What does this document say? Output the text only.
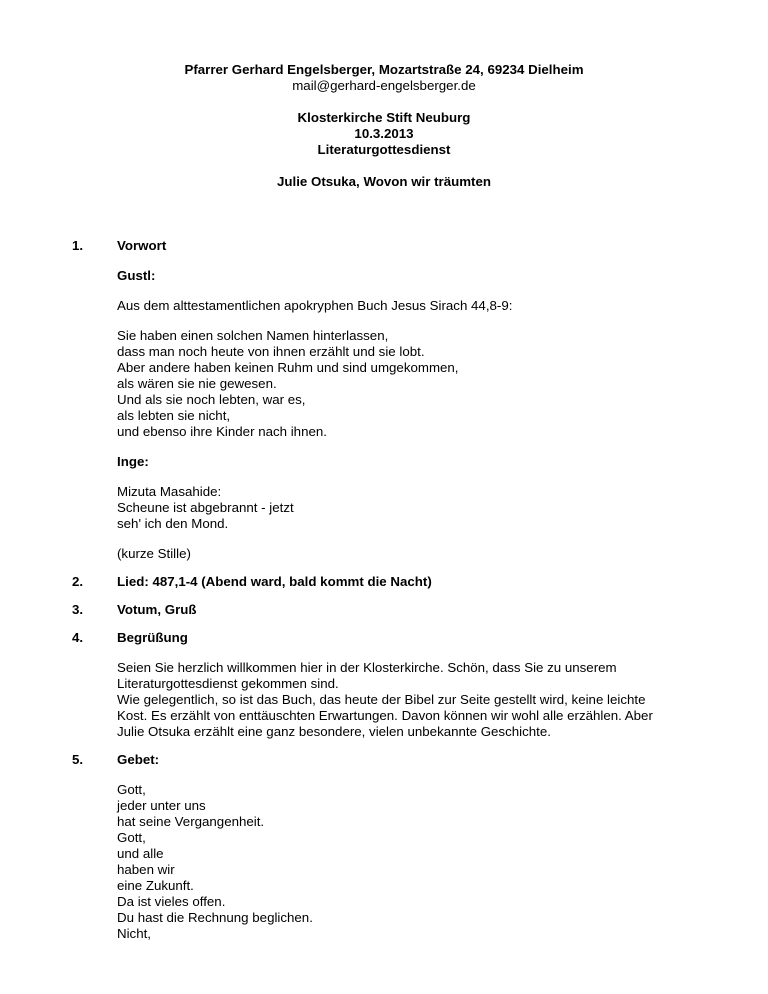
Pfarrer Gerhard Engelsberger, Mozartstraße 24, 69234 Dielheim
mail@gerhard-engelsberger.de
Klosterkirche Stift Neuburg
10.3.2013
Literaturgottesdienst
Julie Otsuka, Wovon wir träumten
1.	Vorwort
Gustl:
Aus dem alttestamentlichen apokryphen Buch Jesus Sirach 44,8-9:
Sie haben einen solchen Namen hinterlassen,
dass man noch heute von ihnen erzählt und sie lobt.
Aber andere haben keinen Ruhm und sind umgekommen,
als wären sie nie gewesen.
Und als sie noch lebten, war es,
als lebten sie nicht,
und ebenso ihre Kinder nach ihnen.
Inge:
Mizuta Masahide:
Scheune ist abgebrannt - jetzt
seh' ich den Mond.
(kurze Stille)
2.	Lied: 487,1-4 (Abend ward, bald kommt die Nacht)
3.	Votum, Gruß
4.	Begrüßung
Seien Sie herzlich willkommen hier in der Klosterkirche. Schön, dass Sie zu unserem
Literaturgottesdienst gekommen sind.
Wie gelegentlich, so ist das Buch, das heute der Bibel zur Seite gestellt wird, keine leichte
Kost. Es erzählt von enttäuschten Erwartungen. Davon können wir wohl alle erzählen. Aber
Julie Otsuka erzählt eine ganz besondere, vielen unbekannte Geschichte.
5.	Gebet:
Gott,
jeder unter uns
hat seine Vergangenheit.
Gott,
und alle
haben wir
eine Zukunft.
Da ist vieles offen.
Du hast die Rechnung beglichen.
Nicht,
